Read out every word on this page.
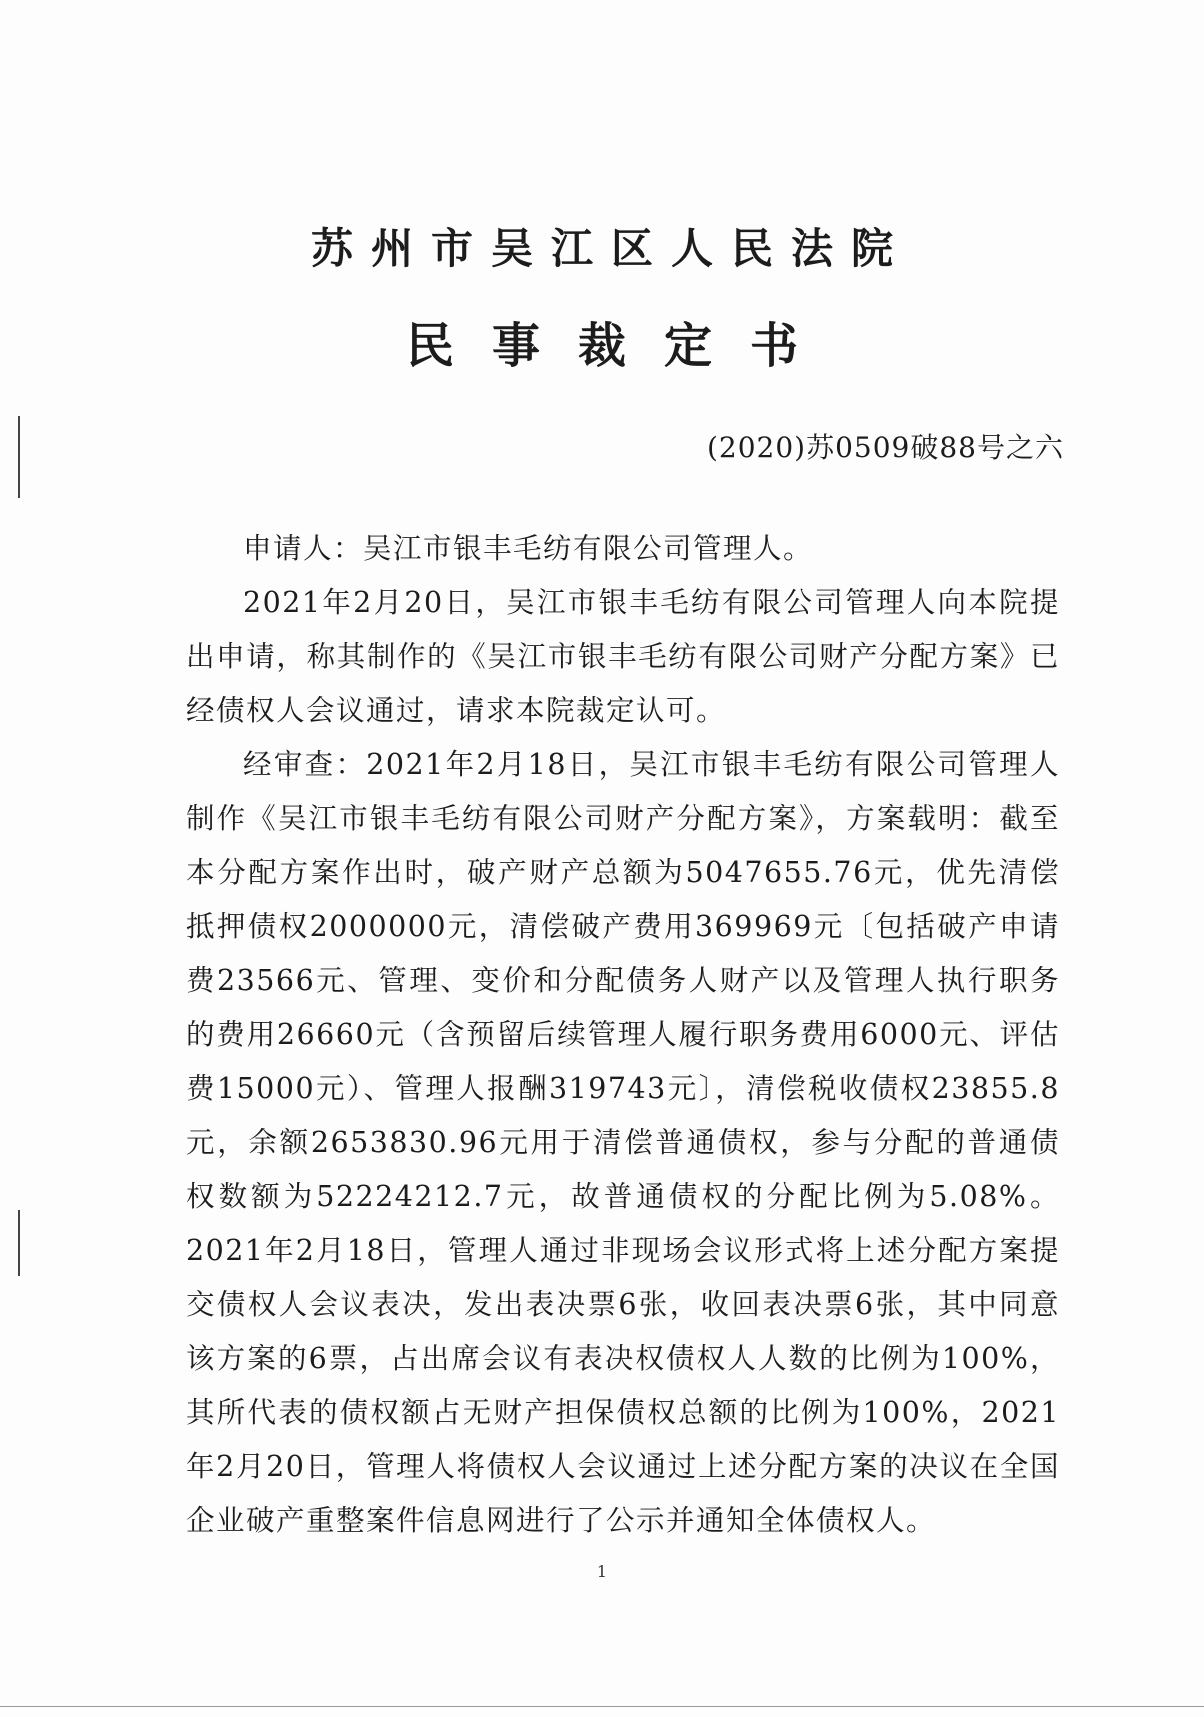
苏州市吴江区人民法院
民事裁定书
(2020)苏0509破88号之六

申请人：吴江市银丰毛纺有限公司管理人。

2021年2月20日，吴江市银丰毛纺有限公司管理人向本院提出申请，称其制作的《吴江市银丰毛纺有限公司财产分配方案》已经债权人会议通过，请求本院裁定认可。

经审查：2021年2月18日，吴江市银丰毛纺有限公司管理人制作《吴江市银丰毛纺有限公司财产分配方案》，方案载明：截至本分配方案作出时，破产财产总额为5047655.76元，优先清偿抵押债权2000000元，清偿破产费用369969元〔包括破产申请费23566元、管理、变价和分配债务人财产以及管理人执行职务的费用26660元（含预留后续管理人履行职务费用6000元、评估费15000元）、管理人报酬319743元〕，清偿税收债权23855.8元，余额2653830.96元用于清偿普通债权，参与分配的普通债权数额为52224212.7元，故普通债权的分配比例为5.08%。2021年2月18日，管理人通过非现场会议形式将上述分配方案提交债权人会议表决，发出表决票6张，收回表决票6张，其中同意该方案的6票，占出席会议有表决权债权人人数的比例为100%，其所代表的债权额占无财产担保债权总额的比例为100%，2021年2月20日，管理人将债权人会议通过上述分配方案的决议在全国企业破产重整案件信息网进行了公示并通知全体债权人。

1
